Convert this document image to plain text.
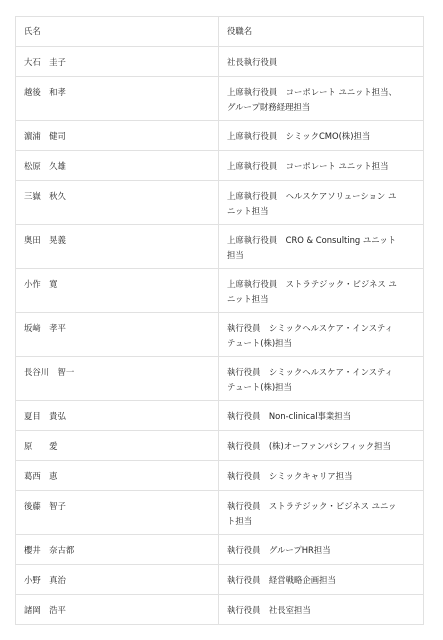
氏名	役職名
大石　圭子	社長執行役員
越後　和孝	上席執行役員　コーポレート ユニット担当、
グループ財務経理担当
濵浦　健司	上席執行役員　シミックCMO(株)担当
松原　久雄	上席執行役員　コーポレート ユニット担当
三嶽　秋久	上席執行役員　ヘルスケアソリューション ユ
ニット担当
奥田　晃義	上席執行役員　CRO & Consulting ユニット
担当
小作　寛	上席執行役員　ストラテジック・ビジネス ユ
ニット担当
坂﨑　孝平	執行役員　シミックヘルスケア・インスティ
テュート(株)担当
長谷川　智一	執行役員　シミックヘルスケア・インスティ
テュート(株)担当
夏目　貴弘	執行役員　Non-clinical事業担当
原　　愛	執行役員　(株)オーファンパシフィック担当
葛西　恵	執行役員　シミックキャリア担当
後藤　智子	執行役員　ストラテジック・ビジネス ユニッ
ト担当
櫻井　奈古都	執行役員　グループHR担当
小野　真治	執行役員　経営戦略企画担当
諸岡　浩平	執行役員　社長室担当
